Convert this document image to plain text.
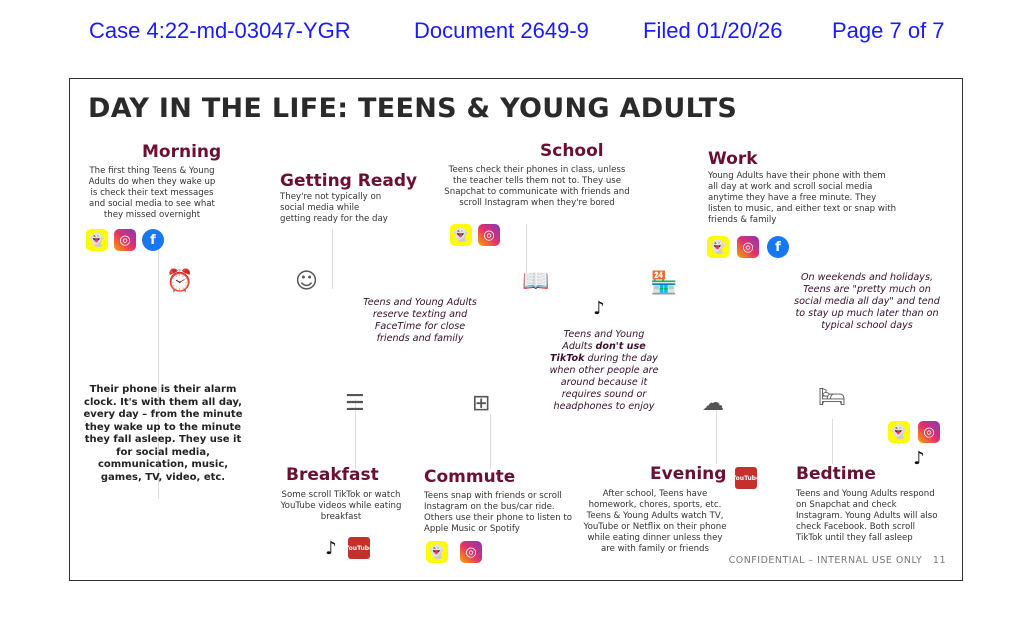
Case 4:22-md-03047-YGR	Document 2649-9 Filed 01/20/26 Page 7 of 7
DAY IN THE LIFE: TEENS & YOUNG ADULTS
Morning
The first thing Teens & Young Adults do when they wake up is check their text messages and social media to see what they missed overnight
👻	◎	f
⏰
Getting Ready
They're not typically on social media while getting ready for the day
☺
School
Teens check their phones in class, unless the teacher tells them not to. They use Snapchat to communicate with friends and scroll Instagram when they're bored
👻	◎
📖
Work
Young Adults have their phone with them all day at work and scroll social media anytime they have a free minute. They listen to music, and either text or snap with friends & family
👻	◎	f
🏪
Their phone is their alarm clock. It's with them all day, every day – from the minute they wake up to the minute they fall asleep. They use it for social media, communication, music, games, TV, video, etc.
Teens and Young Adults reserve texting and FaceTime for close friends and family
♪
Teens and Young Adults don't use TikTok during the day when other people are around because it requires sound or headphones to enjoy
On weekends and holidays, Teens are "pretty much on social media all day" and tend to stay up much later than on typical school days
☰	⊞	☁	🛏
Breakfast
Some scroll TikTok or watch YouTube videos while eating breakfast
♪	YouTube
Commute
Teens snap with friends or scroll Instagram on the bus/car ride. Others use their phone to listen to Apple Music or Spotify
👻	◎
Evening YouTube
After school, Teens have homework, chores, sports, etc. Teens & Young Adults watch TV, YouTube or Netflix on their phone while eating dinner unless they are with family or friends
Bedtime
👻	◎
♪
Teens and Young Adults respond on Snapchat and check Instagram. Young Adults will also check Facebook. Both scroll TikTok until they fall asleep
CONFIDENTIAL – INTERNAL USE ONLY 11
